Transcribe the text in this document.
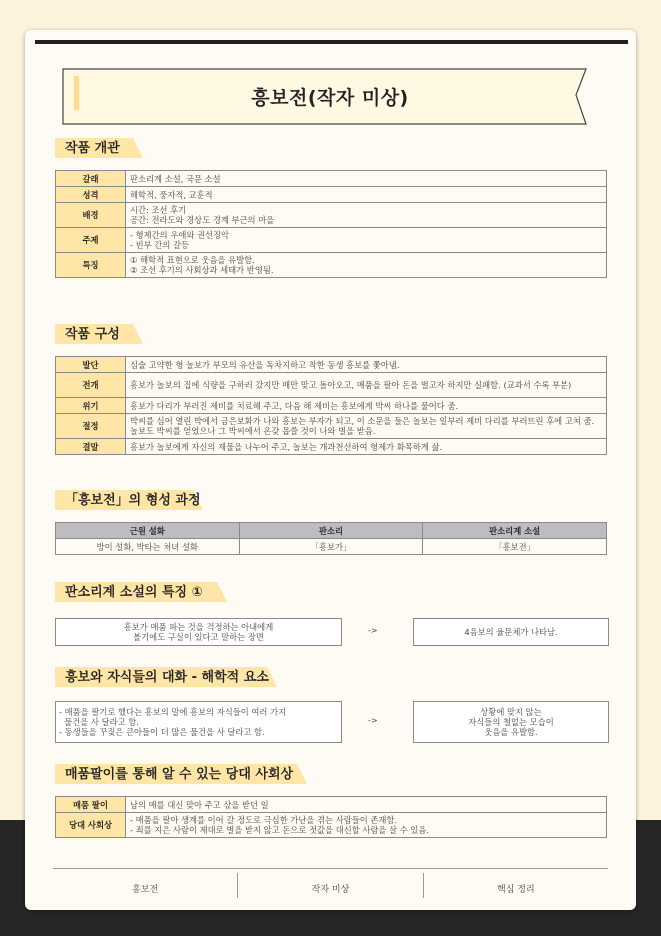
흥보전(작자 미상)
작품 개관
갈래	판소리계 소설, 국문 소설

성격	해학적, 풍자적, 교훈적

배경	시간: 조선 후기
공간: 전라도와 경상도 경계 부근의 마을

주제	- 형제간의 우애와 권선징악
- 빈부 간의 갈등

특징	① 해학적 표현으로 웃음을 유발함.
② 조선 후기의 사회상과 세태가 반영됨.
작품 구성
발단	심술 고약한 형 놀보가 부모의 유산을 독차지하고 착한 동생 흥보를 쫓아냄.
전개	흥보가 놀보의 집에 식량을 구하러 갔지만 매만 맞고 돌아오고, 매품을 팔아 돈을 벌고자 하지만 실패함. (교과서 수록 부분)
위기	흥보가 다리가 부러진 제비를 치료해 주고, 다음 해 제비는 흥보에게 박씨 하나를 물어다 줌.
절정	박씨를 심어 열린 박에서 금은보화가 나와 흥보는 부자가 되고, 이 소문을 들은 놀보는 일부러 제비 다리를 부러뜨린 후에 고쳐 줌. 놀보도 박씨를 얻었으나 그 박씨에서 온갖 몹쓸 것이 나와 벌을 받음.
결말	흥보가 놀보에게 자신의 재물을 나누어 주고, 놀보는 개과천선하여 형제가 화목하게 삶.
「흥보전」의 형성 과정
근원 설화	판소리	판소리계 소설
방이 설화, 박타는 처녀 설화	「흥보가」	「흥보전」
판소리계 소설의 특징 ①
흥보가 매품 파는 것을 걱정하는 아내에게
볼기에도 구실이 있다고 말하는 장면
->	4음보의 율문체가 나타남.
흥보와 자식들의 대화 - 해학적 요소
- 매품을 팔기로 했다는 흥보의 말에 흥보의 자식들이 여러 가지
물건을 사 달라고 함.
- 동생들을 꾸짖은 큰아들이 더 많은 물건을 사 달라고 함.
->
상황에 맞지 않는
자식들의 철없는 모습이
웃음을 유발함.
매품팔이를 통해 알 수 있는 당대 사회상
매품 팔이	남의 매를 대신 맞아 주고 삯을 받던 일

당대 사회상	- 매품을 팔아 생계를 이어 갈 정도로 극심한 가난을 겪는 사람들이 존재함.
- 죄를 지은 사람이 제대로 벌을 받지 않고 돈으로 젓값을 대신할 사람을 살 수 있음.
흥보전	작자 미상	핵심 정리
